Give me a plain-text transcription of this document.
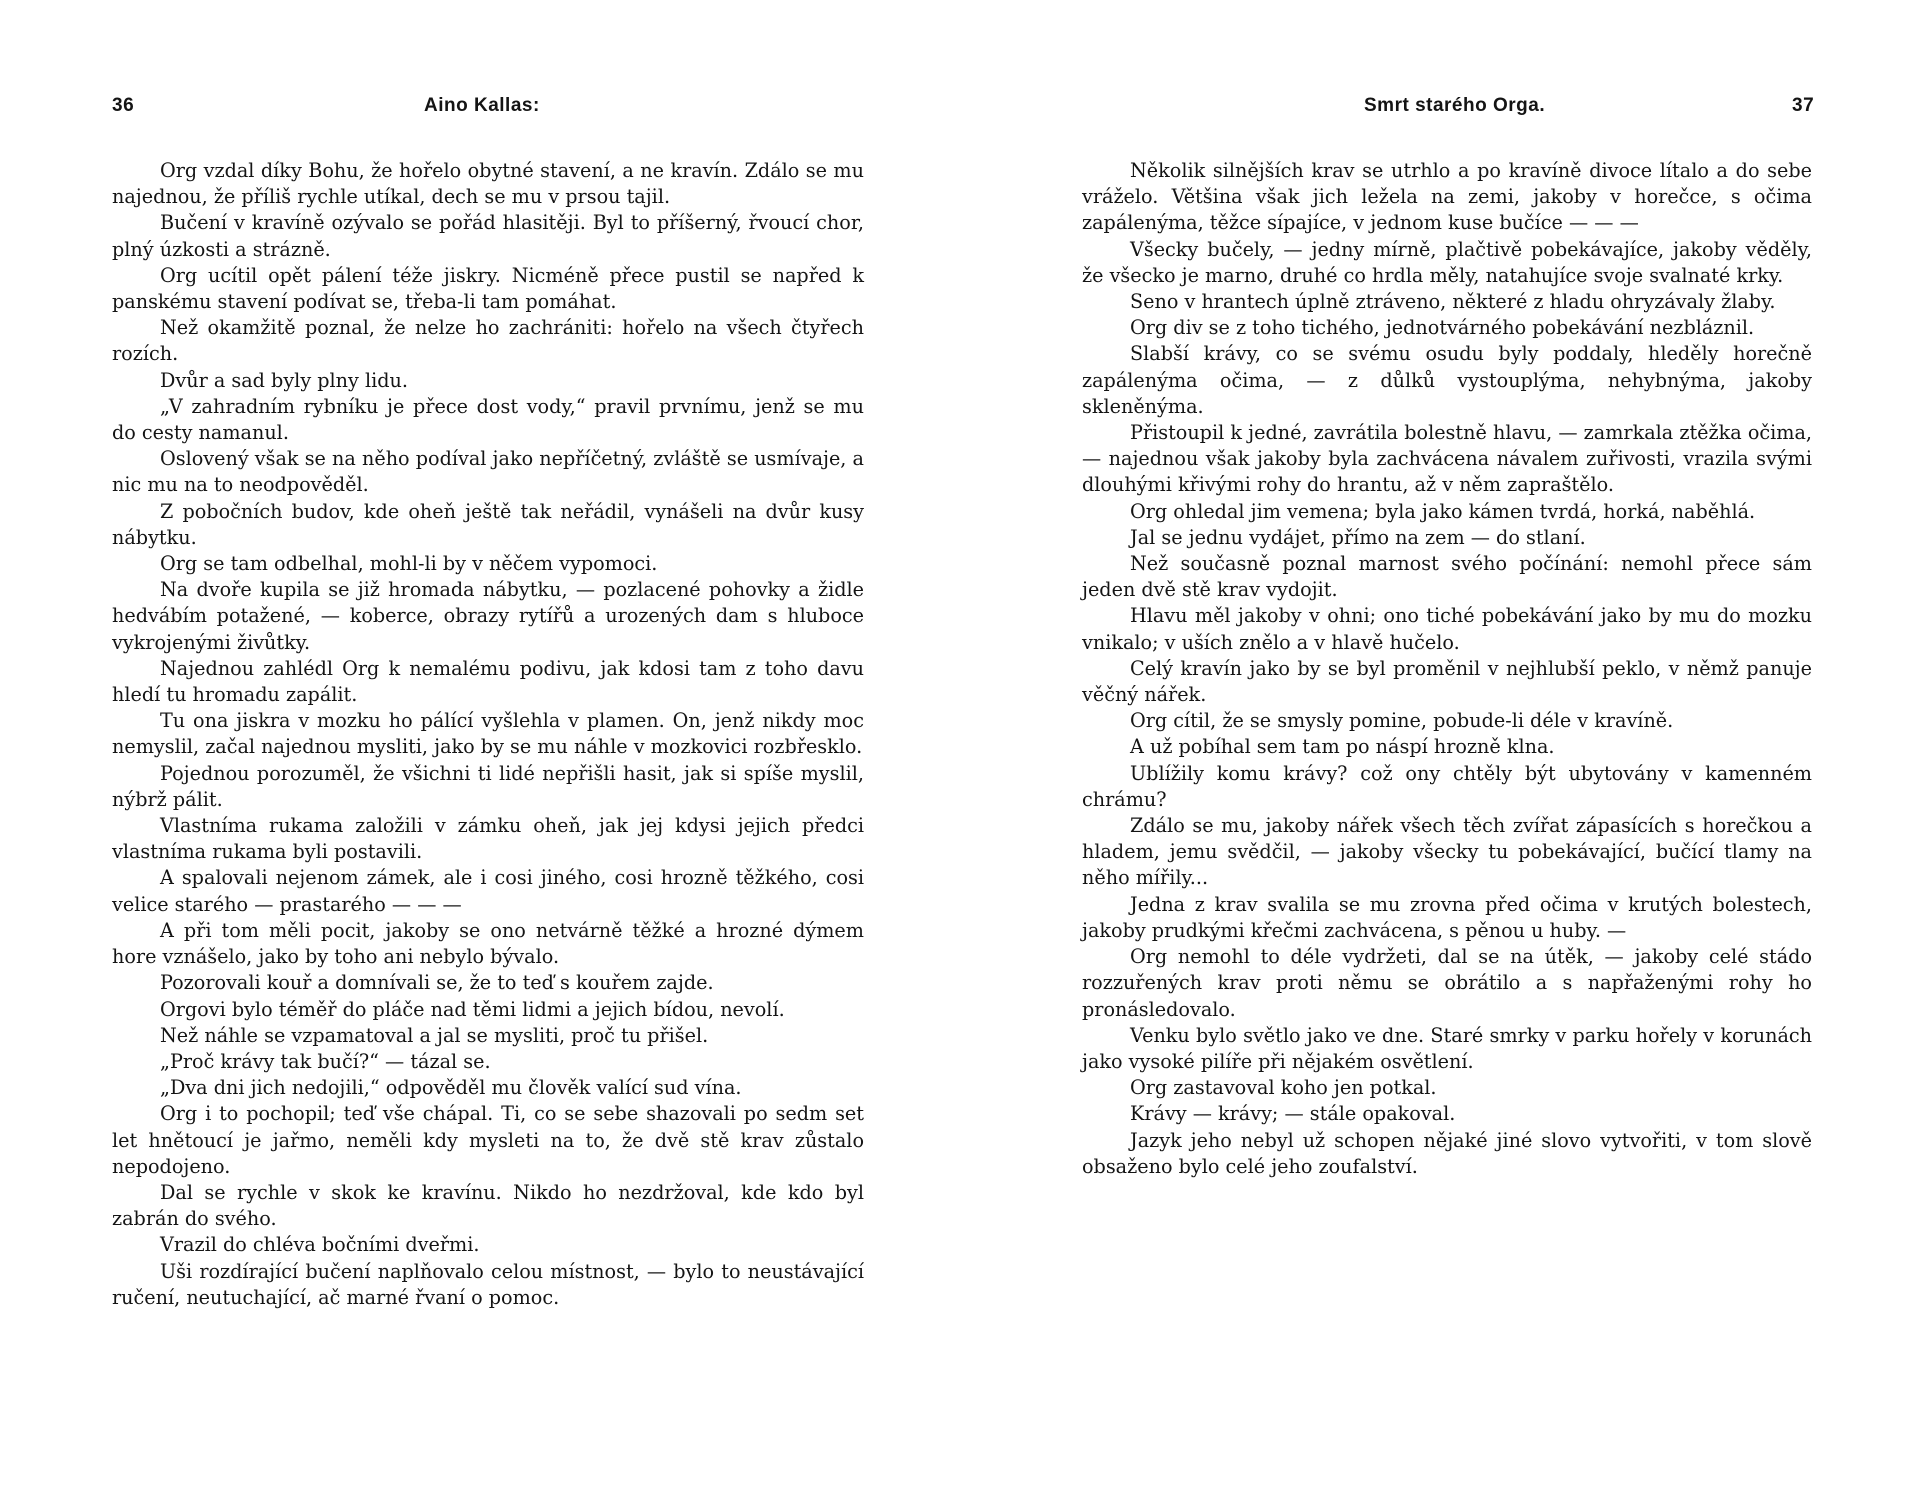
36	Aino Kallas:

Org vzdal díky Bohu, že hořelo obytné stavení, a ne kravín. Zdálo se mu najednou, že příliš rychle utíkal, dech se mu v prsou tajil.

Bučení v kravíně ozývalo se pořád hlasitěji. Byl to příšerný, řvoucí chor, plný úzkosti a strázně.

Org ucítil opět pálení téže jiskry. Nicméně přece pustil se napřed k panskému stavení podívat se, třeba-li tam pomáhat.

Než okamžitě poznal, že nelze ho zachrániti: hořelo na všech čtyřech rozích.

Dvůr a sad byly plny lidu.

„V zahradním rybníku je přece dost vody,“ pravil prvnímu, jenž se mu do cesty namanul.

Oslovený však se na něho podíval jako nepříčetný, zvláště se usmívaje, a nic mu na to neodpověděl.

Z pobočních budov, kde oheň ještě tak neřádil, vynášeli na dvůr kusy nábytku.

Org se tam odbelhal, mohl-li by v něčem vypomoci.

Na dvoře kupila se již hromada nábytku, — pozlacené pohovky a židle hedvábím potažené, — koberce, obrazy rytířů a urozených dam s hluboce vykrojenými živůtky.

Najednou zahlédl Org k nemalému podivu, jak kdosi tam z toho davu hledí tu hromadu zapálit.

Tu ona jiskra v mozku ho pálící vyšlehla v plamen. On, jenž nikdy moc nemyslil, začal najednou mysliti, jako by se mu náhle v mozkovici rozbřesklo.

Pojednou porozuměl, že všichni ti lidé nepřišli hasit, jak si spíše myslil, nýbrž pálit.

Vlastníma rukama založili v zámku oheň, jak jej kdysi jejich předci vlastníma rukama byli postavili.

A spalovali nejenom zámek, ale i cosi jiného, cosi hrozně těžkého, cosi velice starého — prastarého — — —

A při tom měli pocit, jakoby se ono netvárně těžké a hrozné dýmem hore vznášelo, jako by toho ani nebylo bývalo.

Pozorovali kouř a domnívali se, že to teď s kouřem zajde.

Orgovi bylo téměř do pláče nad těmi lidmi a jejich bídou, nevolí.

Než náhle se vzpamatoval a jal se mysliti, proč tu přišel.

„Proč krávy tak bučí?“ — tázal se.

„Dva dni jich nedojili,“ odpověděl mu člověk valící sud vína.

Org i to pochopil; teď vše chápal. Ti, co se sebe shazovali po sedm set let hnětoucí je jařmo, neměli kdy mysleti na to, že dvě stě krav zůstalo nepodojeno.

Dal se rychle v skok ke kravínu. Nikdo ho nezdržoval, kde kdo byl zabrán do svého.

Vrazil do chléva bočními dveřmi.

Uši rozdírající bučení naplňovalo celou místnost, — bylo to neustávající ručení, neutuchající, ač marné řvaní o pomoc.

Smrt starého Orga.	37

Několik silnějších krav se utrhlo a po kravíně divoce lítalo a do sebe vráželo. Většina však jich ležela na zemi, jakoby v horečce, s očima zapálenýma, těžce sípajíce, v jednom kuse bučíce — — —

Všecky bučely, — jedny mírně, plačtivě pobekávajíce, jakoby věděly, že všecko je marno, druhé co hrdla měly, natahujíce svoje svalnaté krky.

Seno v hrantech úplně ztráveno, některé z hladu ohryzávaly žlaby.

Org div se z toho tichého, jednotvárného pobekávání nezbláznil.

Slabší krávy, co se svému osudu byly poddaly, hleděly horečně zapálenýma očima, — z důlků vystouplýma, nehybnýma, jakoby skleněnýma.

Přistoupil k jedné, zavrátila bolestně hlavu, — zamrkala ztěžka očima, — najednou však jakoby byla zachvácena návalem zuřivosti, vrazila svými dlouhými křivými rohy do hrantu, až v něm zapraštělo.

Org ohledal jim vemena; byla jako kámen tvrdá, horká, naběhlá.

Jal se jednu vydájet, přímo na zem — do stlaní.

Než současně poznal marnost svého počínání: nemohl přece sám jeden dvě stě krav vydojit.

Hlavu měl jakoby v ohni; ono tiché pobekávání jako by mu do mozku vnikalo; v uších znělo a v hlavě hučelo.

Celý kravín jako by se byl proměnil v nejhlubší peklo, v němž panuje věčný nářek.

Org cítil, že se smysly pomine, pobude-li déle v kravíně.

A už pobíhal sem tam po náspí hrozně klna.

Ublížily komu krávy? což ony chtěly být ubytovány v kamenném chrámu?

Zdálo se mu, jakoby nářek všech těch zvířat zápasících s horečkou a hladem, jemu svědčil, — jakoby všecky tu pobekávající, bučící tlamy na něho mířily...

Jedna z krav svalila se mu zrovna před očima v krutých bolestech, jakoby prudkými křečmi zachvácena, s pěnou u huby. —

Org nemohl to déle vydržeti, dal se na útěk, — jakoby celé stádo rozzuřených krav proti němu se obrátilo a s napřaženými rohy ho pronásledovalo.

Venku bylo světlo jako ve dne. Staré smrky v parku hořely v korunách jako vysoké pilíře při nějakém osvětlení.

Org zastavoval koho jen potkal.

Krávy — krávy; — stále opakoval.

Jazyk jeho nebyl už schopen nějaké jiné slovo vytvořiti, v tom slově obsaženo bylo celé jeho zoufalství.
